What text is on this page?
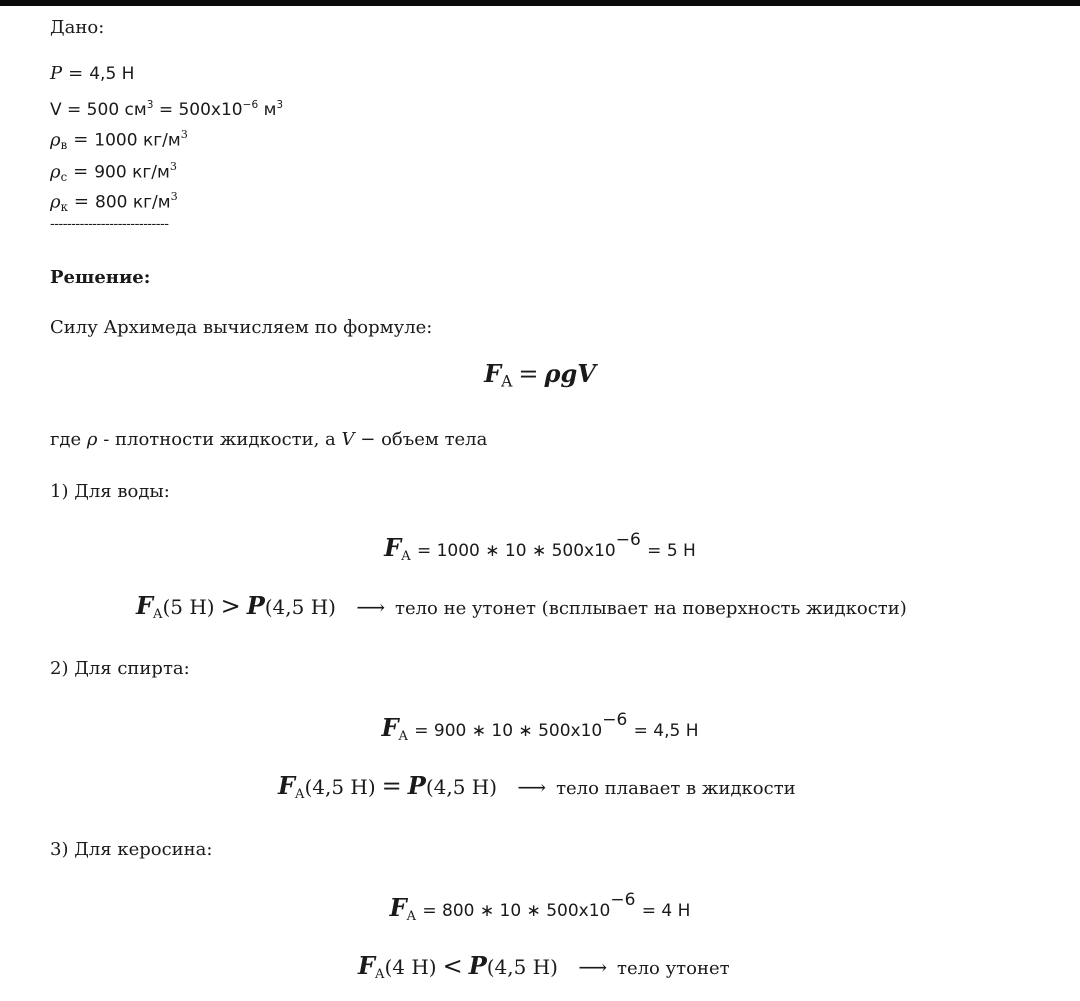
Дано:
P = 4,5 Н
V = 500 $см^3 = 500x10^{-6}$ $м^3$
$\rho_в = 1000$ $кг/м^3$
$\rho_с = 900$ $кг/м^3$
$\rho_к = 800$ $кг/м^3$
----------------------------
Решение:
Силу Архимеда вычисляем по формуле:
$F_A = \rho gV$
где ρ - плотности жидкости, а V − объем тела
1) Для воды:
$F_A = 1000$ ∗ 10 ∗ $500x10^{-6} = 5$ Н
$F_A(5$ Н) > P(4,5 Н) ⟶ тело не утонет (всплывает на поверхность жидкости)
2) Для спирта:
$F_A = 900$ ∗ 10 ∗ $500x10^{-6} = 4,5$ Н
$F_A(4,5$ Н) = P(4,5 Н) ⟶ тело плавает в жидкости
3) Для керосина:
$F_A = 800$ ∗ 10 ∗ $500x10^{-6} = 4$ Н
$F_A(4$ Н) < P(4,5 Н) ⟶ тело утонет
